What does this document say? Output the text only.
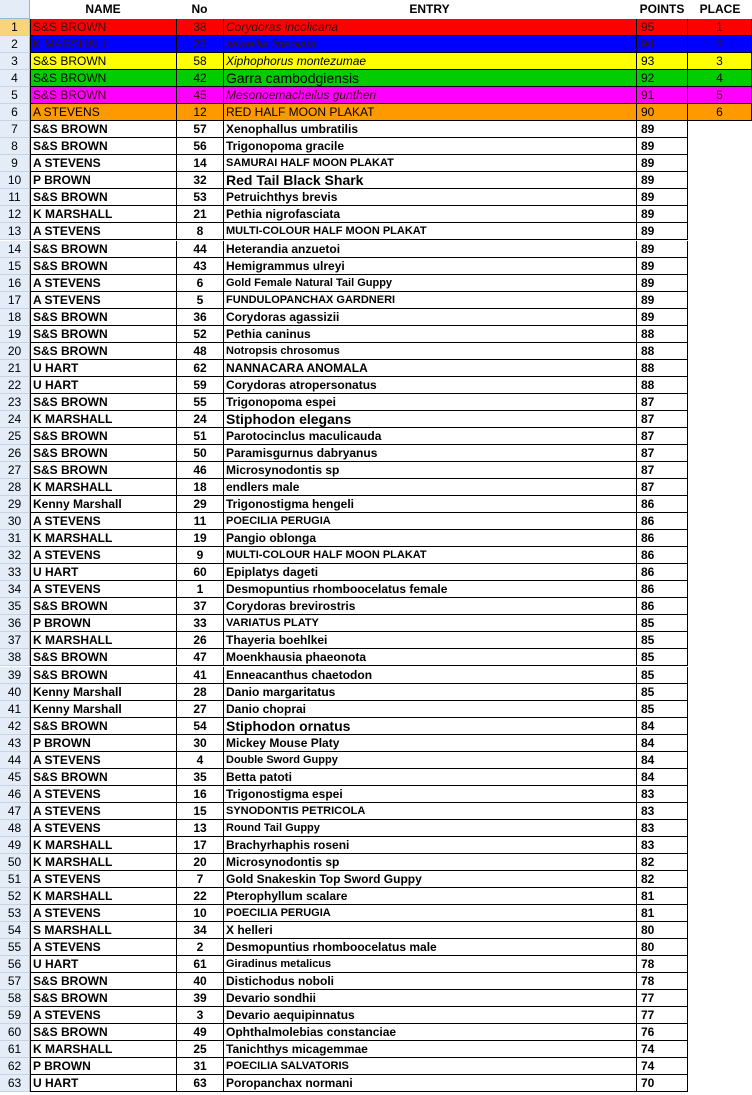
NAME	No	ENTRY	POINTS	PLACE
1	S&S BROWN	38	Corydoras incolicana	95	1
2	K MARSHALL	23	sewellia lineolata	94	2
3	S&S BROWN	58	Xiphophorus montezumae	93	3
4	S&S BROWN	42	Garra cambodgiensis	92	4
5	S&S BROWN	45	Mesonoemacheilus guntheri	91	5
6	A STEVENS	12	RED HALF MOON PLAKAT	90	6
7	S&S BROWN	57	Xenophallus umbratilis	89
8	S&S BROWN	56	Trigonopoma gracile	89
9	A STEVENS	14	SAMURAI HALF MOON PLAKAT	89
10 P BROWN	32	Red Tail Black Shark	89
11	S&S BROWN	53	Petruichthys brevis	89
12 K MARSHALL	21	Pethia nigrofasciata	89
13 A STEVENS	8	MULTI-COLOUR HALF MOON PLAKAT	89
14 S&S BROWN	44	Heterandia anzuetoi	89
15 S&S BROWN	43	Hemigrammus ulreyi	89
16 A STEVENS	6	Gold Female Natural Tail Guppy	89
17 A STEVENS	5	FUNDULOPANCHAX GARDNERI	89
18 S&S BROWN	36	Corydoras agassizii	89
19 S&S BROWN	52	Pethia caninus	88
20 S&S BROWN	48	Notropsis chrosomus	88
21 U HART	62	NANNACARA ANOMALA	88
22 U HART	59	Corydoras atropersonatus	88
23 S&S BROWN	55	Trigonopoma espei	87
24 K MARSHALL	24	Stiphodon elegans	87
25 S&S BROWN	51	Parotocinclus maculicauda	87
26 S&S BROWN	50	Paramisgurnus dabryanus	87
27 S&S BROWN	46	Microsynodontis sp	87
28 K MARSHALL	18	endlers male	87
29 Kenny Marshall	29	Trigonostigma hengeli	86
30 A STEVENS	11	POECILIA PERUGIA	86
31 K MARSHALL	19	Pangio oblonga	86
32 A STEVENS	9	MULTI-COLOUR HALF MOON PLAKAT	86
33 U HART	60	Epiplatys dageti	86
34 A STEVENS	1	Desmopuntius rhomboocelatus female	86
35 S&S BROWN	37	Corydoras brevirostris	86
36 P BROWN	33	VARIATUS PLATY	85
37 K MARSHALL	26	Thayeria boehlkei	85
38 S&S BROWN	47	Moenkhausia phaeonota	85
39 S&S BROWN	41	Enneacanthus chaetodon	85
40 Kenny Marshall	28	Danio margaritatus	85
41 Kenny Marshall	27	Danio choprai	85
42 S&S BROWN	54	Stiphodon ornatus	84
43 P BROWN	30	Mickey Mouse Platy	84
44 A STEVENS	4	Double Sword Guppy	84
45 S&S BROWN	35	Betta patoti	84
46 A STEVENS	16	Trigonostigma espei	83
47 A STEVENS	15	SYNODONTIS PETRICOLA	83
48 A STEVENS	13	Round Tail Guppy	83
49 K MARSHALL	17	Brachyrhaphis roseni	83
50 K MARSHALL	20	Microsynodontis sp	82
51 A STEVENS	7	Gold Snakeskin Top Sword Guppy	82
52 K MARSHALL	22	Pterophyllum scalare	81
53 A STEVENS	10	POECILIA PERUGIA	81
54 S MARSHALL	34	X helleri	80
55 A STEVENS	2	Desmopuntius rhomboocelatus male	80
56 U HART	61	Giradinus metalicus	78
57 S&S BROWN	40	Distichodus noboli	78
58 S&S BROWN	39	Devario sondhii	77
59 A STEVENS	3	Devario aequipinnatus	77
60 S&S BROWN	49	Ophthalmolebias constanciae	76
61 K MARSHALL	25	Tanichthys micagemmae	74
62 P BROWN	31	POECILIA SALVATORIS	74
63 U HART	63	Poropanchax normani	70
